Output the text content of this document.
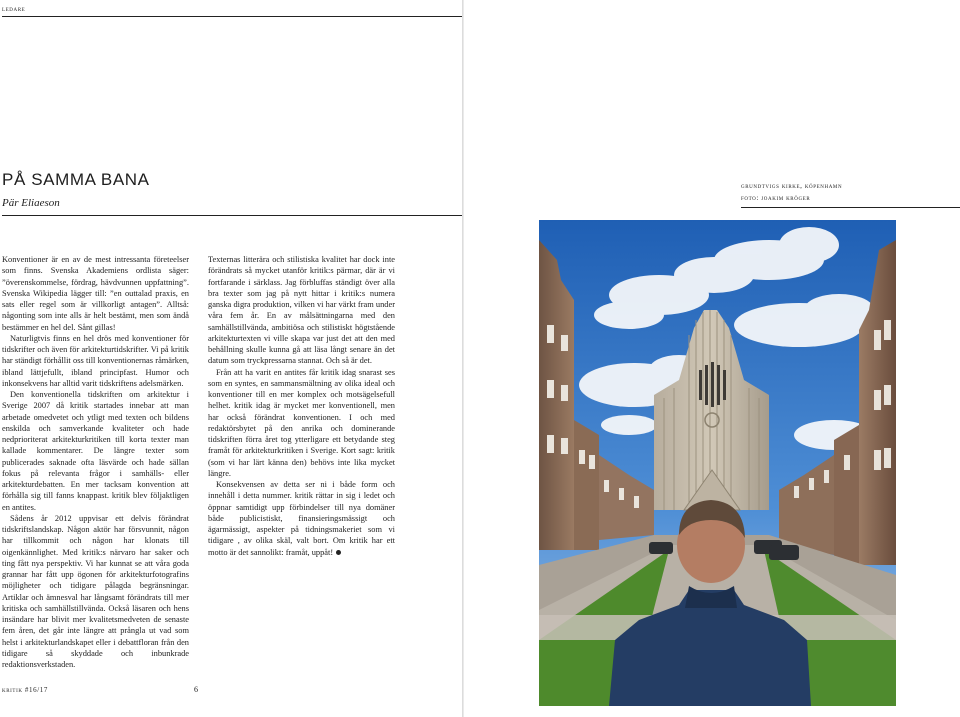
ledare
PÅ SAMMA BANA
Pär Eliaeson

Konventioner är en av de mest intressanta företeelser som finns. Svenska Akademiens ordlista säger: ”överenskommelse, fördrag, hävdvunnen uppfattning”. Svenska Wikipedia lägger till: ”en outtalad praxis, en sats eller regel som är villkorligt antagen”. Alltså: någonting som inte alls är helt bestämt, men som ändå bestämmer en hel del. Sånt gillas!

Naturligtvis finns en hel drös med konventioner för tidskrifter och även för arkitekturtidskrifter. Vi på kritik har ständigt förhållit oss till konventionernas råmärken, ibland lättjefullt, ibland principfast. Humor och inkonsekvens har alltid varit tidskriftens adelsmärken.

Den konventionella tidskriften om arkitektur i Sverige 2007 då kritik startades innebar att man arbetade omedvetet och ytligt med texten och bildens enskilda och samverkande kvaliteter och hade nedprioriterat arkitekturkritiken till korta texter man kallade kommentarer. De längre texter som publicerades saknade ofta läsvärde och hade sällan fokus på relevanta frågor i samhälls- eller arkitekturdebatten. En mer tacksam konvention att förhålla sig till fanns knappast. kritik blev följaktligen en antites.

Sådens år 2012 uppvisar ett delvis förändrat tidskriftslandskap. Någon aktör har försvunnit, någon har tillkommit och någon har klonats till oigenkännlighet. Med kritik:s närvaro har saker och ting fått nya perspektiv. Vi har kunnat se att våra goda grannar har fått upp ögonen för arkitekturfotografins möjligheter och tidigare pålagda begränsningar. Artiklar och ämnesval har långsamt förändrats till mer kritiska och samhällstillvända. Också läsaren och hens insändare har blivit mer kvalitetsmedveten de senaste fem åren, det går inte längre att prångla ut vad som helst i arkitekturlandskapet eller i debattfloran från den tidigare så skyddade och inbunkrade redaktionsverkstaden.

Texternas litterära och stilistiska kvalitet har dock inte förändrats så mycket utanför kritik:s pärmar, där är vi fortfarande i särklass. Jag förbluffas ständigt över alla bra texter som jag på nytt hittar i kritik:s numera ganska digra produktion, vilken vi har värkt fram under våra fem år. En av målsättningarna med den samhällstillvända, ambitiösa och stilistiskt högtstående arkitekturtexten vi ville skapa var just det att den med behållning skulle kunna gå att läsa långt senare än det datum som tryckpressarna stannat. Och så är det.

Från att ha varit en antites får kritik idag snarast ses som en syntes, en sammansmältning av olika ideal och konventioner till en mer komplex och motsägelsefull helhet. kritik idag är mycket mer konventionell, men har också förändrat konventionen. I och med redaktörsbytet på den anrika och dominerande tidskriften förra året tog ytterligare ett betydande steg framåt för arkitekturkritiken i Sverige. Kort sagt: kritik (som vi har lärt känna den) behövs inte lika mycket längre.

Konsekvensen av detta ser ni i både form och innehåll i detta nummer. kritik rättar in sig i ledet och öppnar samtidigt upp förbindelser till nya domäner både publicistiskt, finansieringsmässigt och ägarmässigt, aspekter på tidningsmakeriet som vi tidigare , av olika skäl, valt bort. Om kritik har ett motto är det sannolikt: framåt, uppåt!

kritik #16/17	6
grundtvigs kirke, köpenhamn
foto: joakim kröger
